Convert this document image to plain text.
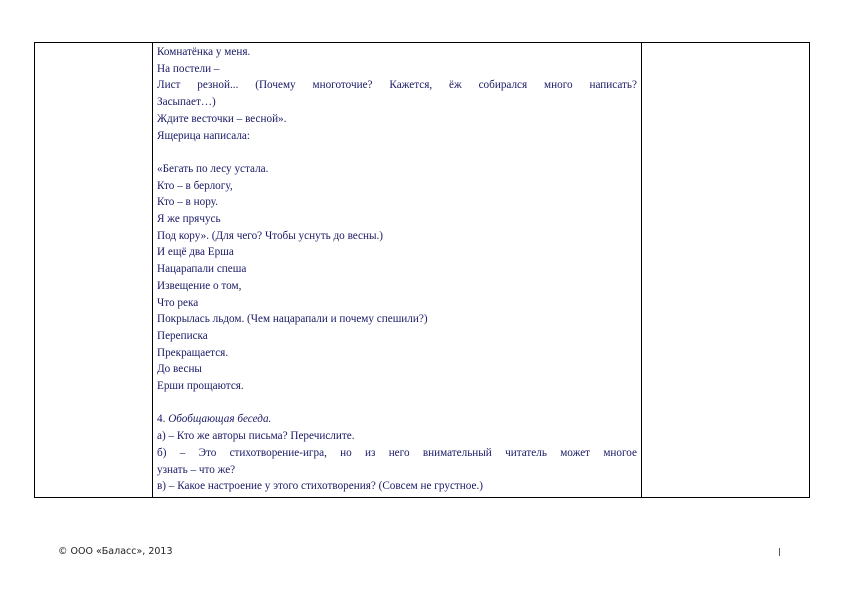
Комнатёнка у меня.
На постели –
Лист резной... (Почему многоточие? Кажется, ёж собирался много написать?
Засыпает…)
Ждите весточки – весной».
Ящерица написала:
«Бегать по лесу устала.
Кто – в берлогу,
Кто – в нору.
Я же прячусь
Под кору». (Для чего? Чтобы уснуть до весны.)
И ещё два Ерша
Нацарапали спеша
Извещение о том,
Что река
Покрылась льдом. (Чем нацарапали и почему спешили?)
Переписка
Прекращается.
До весны
Ерши прощаются.
4. Обобщающая беседа.
а) – Кто же авторы письма? Перечислите.
б) – Это стихотворение-игра, но из него внимательный читатель может многое
узнать – что же?
в) – Какое настроение у этого стихотворения? (Совсем не грустное.)

© ООО «Баласс», 2013
